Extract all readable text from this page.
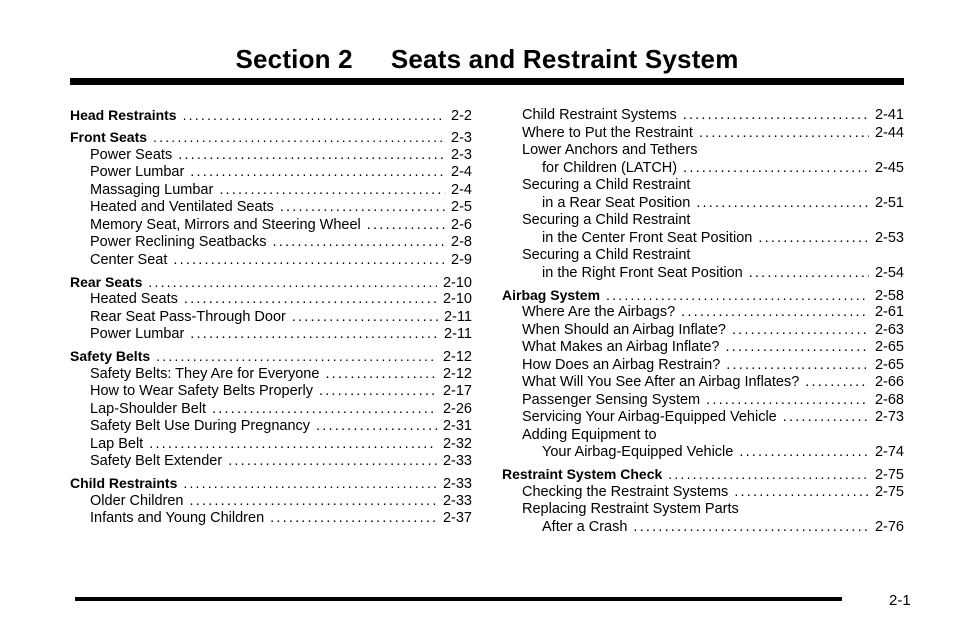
Section 2 Seats and Restraint System
Head Restraints .....	2-2
Front Seats .....	2-3
Power Seats .....	2-3
Power Lumbar .....	2-4
Massaging Lumbar .....	2-4
Heated and Ventilated Seats .....	2-5
Memory Seat, Mirrors and Steering Wheel .....	2-6
Power Reclining Seatbacks .....	2-8
Center Seat .....	2-9
Rear Seats .....	2-10
Heated Seats .....	2-10
Rear Seat Pass-Through Door .....	2-11
Power Lumbar .....	2-11
Safety Belts .....	2-12
Safety Belts: They Are for Everyone .....	2-12
How to Wear Safety Belts Properly .....	2-17
Lap-Shoulder Belt .....	2-26
Safety Belt Use During Pregnancy .....	2-31
Lap Belt .....	2-32
Safety Belt Extender .....	2-33
Child Restraints .....	2-33
Older Children .....	2-33
Infants and Young Children .....	2-37
Child Restraint Systems .....	2-41
Where to Put the Restraint .....	2-44
Lower Anchors and Tethers
for Children (LATCH) .....	2-45
Securing a Child Restraint
in a Rear Seat Position .....	2-51
Securing a Child Restraint
in the Center Front Seat Position .....	2-53
Securing a Child Restraint
in the Right Front Seat Position .....	2-54
Airbag System .....	2-58
Where Are the Airbags? .....	2-61
When Should an Airbag Inflate? .....	2-63
What Makes an Airbag Inflate? .....	2-65
How Does an Airbag Restrain? .....	2-65
What Will You See After an Airbag Inflates? .....	2-66
Passenger Sensing System .....	2-68
Servicing Your Airbag-Equipped Vehicle .....	2-73
Adding Equipment to
Your Airbag-Equipped Vehicle .....	2-74
Restraint System Check .....	2-75
Checking the Restraint Systems .....	2-75
Replacing Restraint System Parts
After a Crash .....	2-76
2-1
